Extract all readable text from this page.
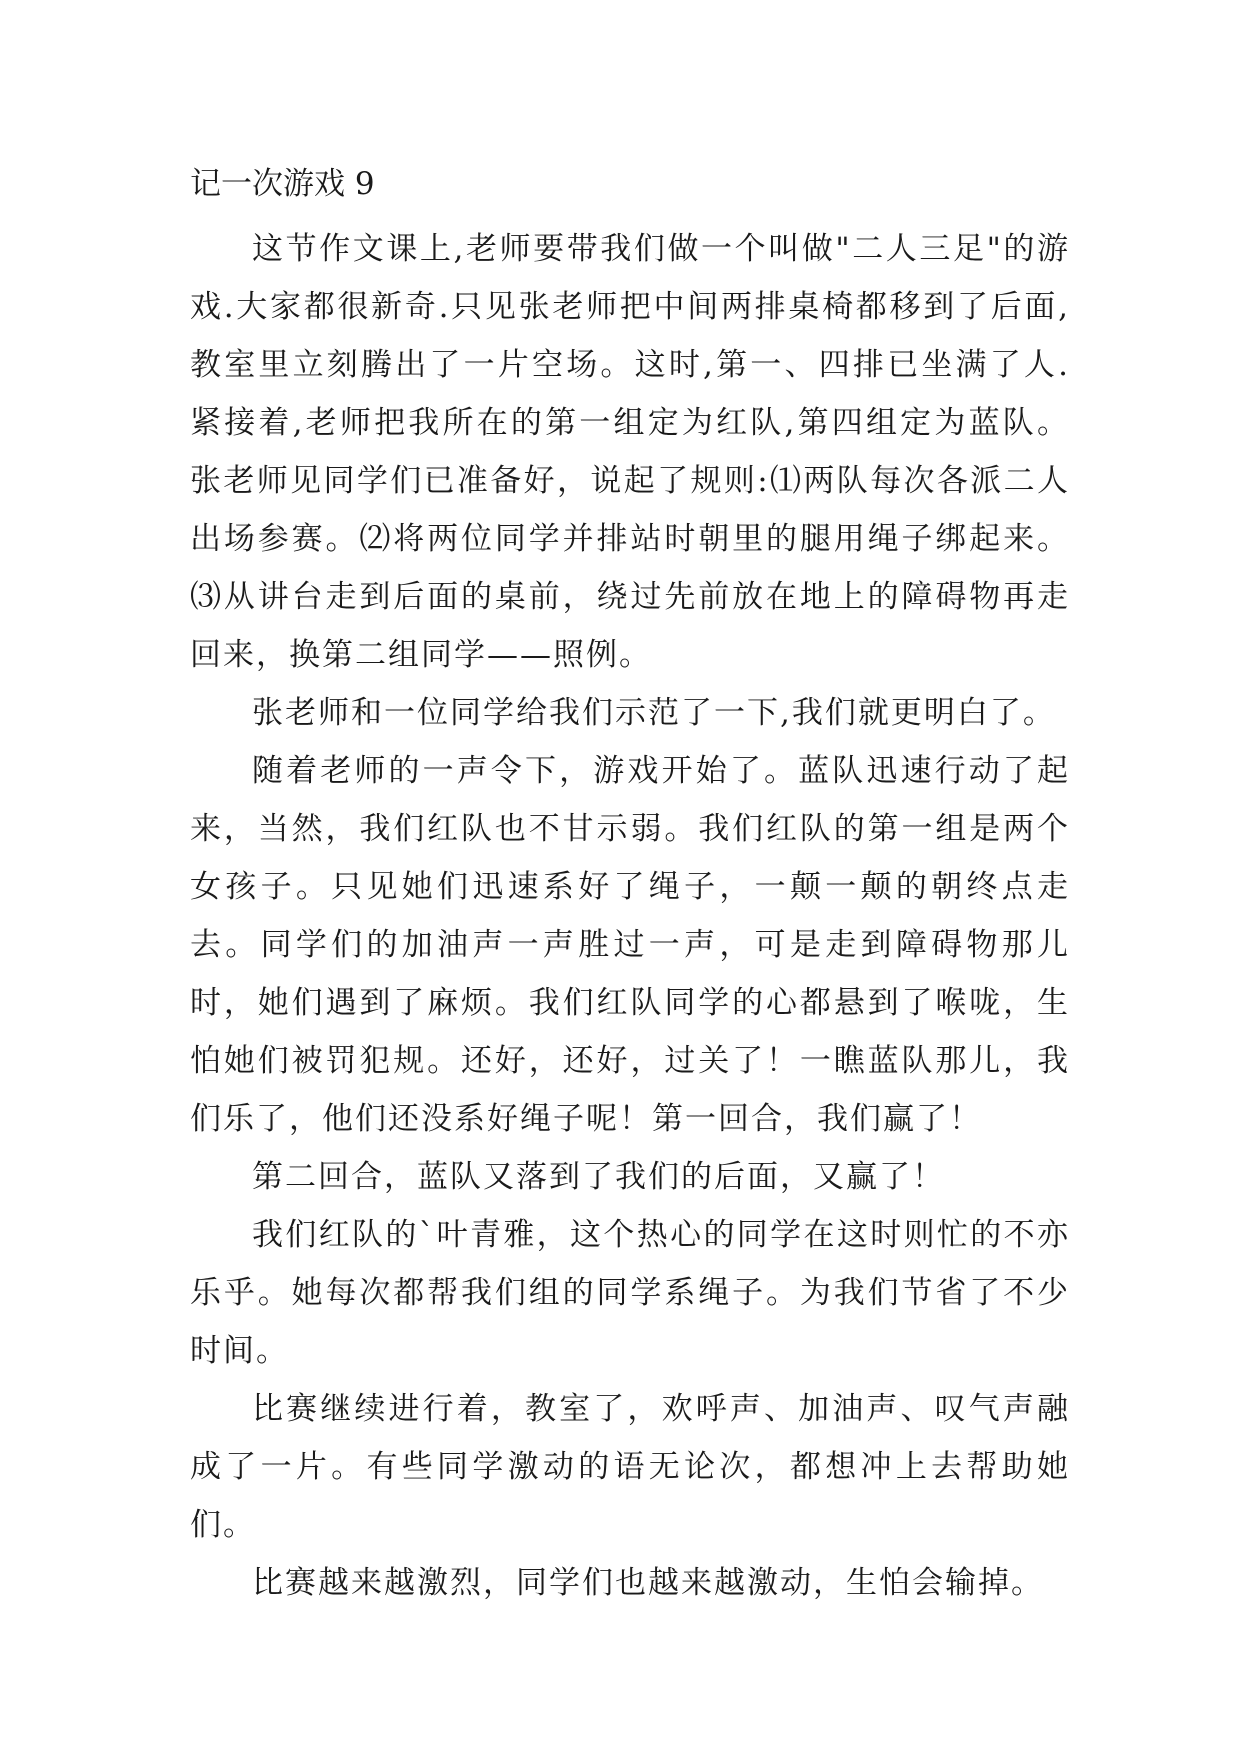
记一次游戏 9

这节作文课上,老师要带我们做一个叫做"二人三足"的游戏.大家都很新奇.只见张老师把中间两排桌椅都移到了后面,教室里立刻腾出了一片空场。这时,第一、四排已坐满了人.紧接着,老师把我所在的第一组定为红队,第四组定为蓝队。张老师见同学们已准备好，说起了规则:⑴两队每次各派二人出场参赛。⑵将两位同学并排站时朝里的腿用绳子绑起来。⑶从讲台走到后面的桌前，绕过先前放在地上的障碍物再走回来，换第二组同学——照例。

张老师和一位同学给我们示范了一下,我们就更明白了。

随着老师的一声令下，游戏开始了。蓝队迅速行动了起来，当然，我们红队也不甘示弱。我们红队的第一组是两个女孩子。只见她们迅速系好了绳子，一颠一颠的朝终点走去。同学们的加油声一声胜过一声，可是走到障碍物那儿时，她们遇到了麻烦。我们红队同学的心都悬到了喉咙，生怕她们被罚犯规。还好，还好，过关了！一瞧蓝队那儿，我们乐了，他们还没系好绳子呢！第一回合，我们赢了！

第二回合，蓝队又落到了我们的后面，又赢了！

我们红队的`叶青雅，这个热心的同学在这时则忙的不亦乐乎。她每次都帮我们组的同学系绳子。为我们节省了不少时间。

比赛继续进行着，教室了，欢呼声、加油声、叹气声融成了一片。有些同学激动的语无论次，都想冲上去帮助她们。

比赛越来越激烈，同学们也越来越激动，生怕会输掉。
